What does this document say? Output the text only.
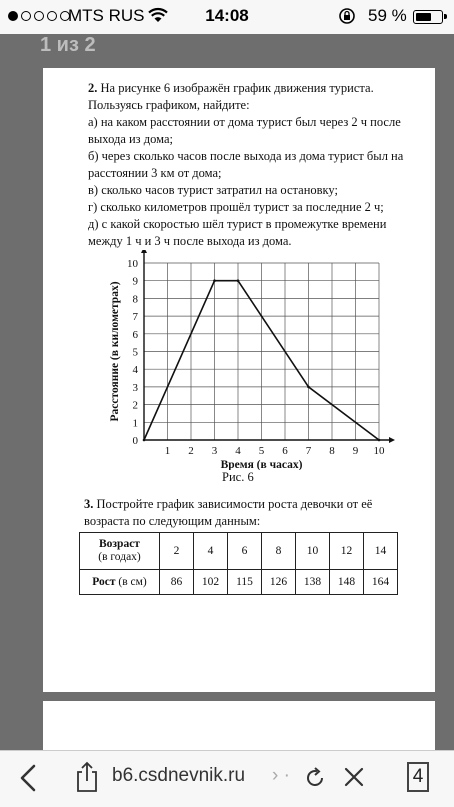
MTS RUS	14:08	59 %
1 из 2
2. На рисунке 6 изображён график движения туриста. Пользуясь графиком, найдите:
а) на каком расстоянии от дома турист был через 2 ч после выхода из дома;
б) через сколько часов после выхода из дома турист был на расстоянии 3 км от дома;
в) сколько часов турист затратил на остановку;
г) сколько километров прошёл турист за последние 2 ч;
д) с какой скоростью шёл турист в промежутке времени между 1 ч и 3 ч после выхода из дома.
0
1
2
3
4
5
6
7
8
9
10
1 2 3 4 5 6 7 8 9 10
Время (в часах)
Расстояние (в километрах)
Рис. 6
3. Постройте график зависимости роста девочки от её возраста по следующим данным:
Возраст
(в годах)	2	4	6	8	10	12	14
Рост (в см)	86	102	115	126	138	148	164
b6.csdnevnik.ru › ·	4
